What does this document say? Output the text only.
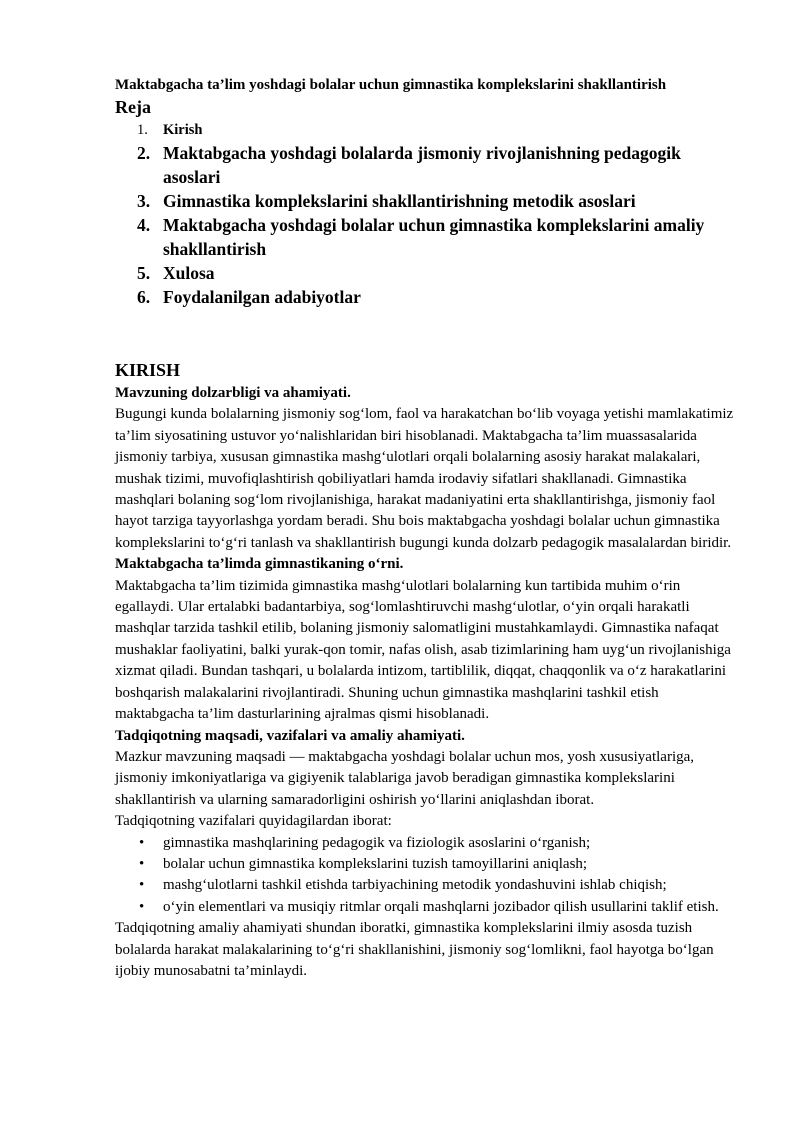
Maktabgacha ta’lim yoshdagi bolalar uchun gimnastika komplekslarini shakllantirish

Reja

1. Kirish
2. Maktabgacha yoshdagi bolalarda jismoniy rivojlanishning pedagogik asoslari
3. Gimnastika komplekslarini shakllantirishning metodik asoslari
4. Maktabgacha yoshdagi bolalar uchun gimnastika komplekslarini amaliy shakllantirish
5. Xulosa
6. Foydalanilgan adabiyotlar

KIRISH

Mavzuning dolzarbligi va ahamiyati.

Bugungi kunda bolalarning jismoniy sog‘lom, faol va harakatchan bo‘lib voyaga yetishi mamlakatimiz ta’lim siyosatining ustuvor yo‘nalishlaridan biri hisoblanadi. Maktabgacha ta’lim muassasalarida jismoniy tarbiya, xususan gimnastika mashg‘ulotlari orqali bolalarning asosiy harakat malakalari, mushak tizimi, muvofiqlashtirish qobiliyatlari hamda irodaviy sifatlari shakllanadi. Gimnastika mashqlari bolaning sog‘lom rivojlanishiga, harakat madaniyatini erta shakllantirishga, jismoniy faol hayot tarziga tayyorlashga yordam beradi. Shu bois maktabgacha yoshdagi bolalar uchun gimnastika komplekslarini to‘g‘ri tanlash va shakllantirish bugungi kunda dolzarb pedagogik masalalardan biridir.

Maktabgacha ta’limda gimnastikaning o‘rni.

Maktabgacha ta’lim tizimida gimnastika mashg‘ulotlari bolalarning kun tartibida muhim o‘rin egallaydi. Ular ertalabki badantarbiya, sog‘lomlashtiruvchi mashg‘ulotlar, o‘yin orqali harakatli mashqlar tarzida tashkil etilib, bolaning jismoniy salomatligini mustahkamlaydi. Gimnastika nafaqat mushaklar faoliyatini, balki yurak-qon tomir, nafas olish, asab tizimlarining ham uyg‘un rivojlanishiga xizmat qiladi. Bundan tashqari, u bolalarda intizom, tartiblilik, diqqat, chaqqonlik va o‘z harakatlarini boshqarish malakalarini rivojlantiradi. Shuning uchun gimnastika mashqlarini tashkil etish maktabgacha ta’lim dasturlarining ajralmas qismi hisoblanadi.

Tadqiqotning maqsadi, vazifalari va amaliy ahamiyati.

Mazkur mavzuning maqsadi — maktabgacha yoshdagi bolalar uchun mos, yosh xususiyatlariga, jismoniy imkoniyatlariga va gigiyenik talablariga javob beradigan gimnastika komplekslarini shakllantirish va ularning samaradorligini oshirish yo‘llarini aniqlashdan iborat.

Tadqiqotning vazifalari quyidagilardan iborat:

• gimnastika mashqlarining pedagogik va fiziologik asoslarini o‘rganish;
• bolalar uchun gimnastika komplekslarini tuzish tamoyillarini aniqlash;
• mashg‘ulotlarni tashkil etishda tarbiyachining metodik yondashuvini ishlab chiqish;
• o‘yin elementlari va musiqiy ritmlar orqali mashqlarni jozibador qilish usullarini taklif etish.

Tadqiqotning amaliy ahamiyati shundan iboratki, gimnastika komplekslarini ilmiy asosda tuzish bolalarda harakat malakalarining to‘g‘ri shakllanishini, jismoniy sog‘lomlikni, faol hayotga bo‘lgan ijobiy munosabatni ta’minlaydi.
